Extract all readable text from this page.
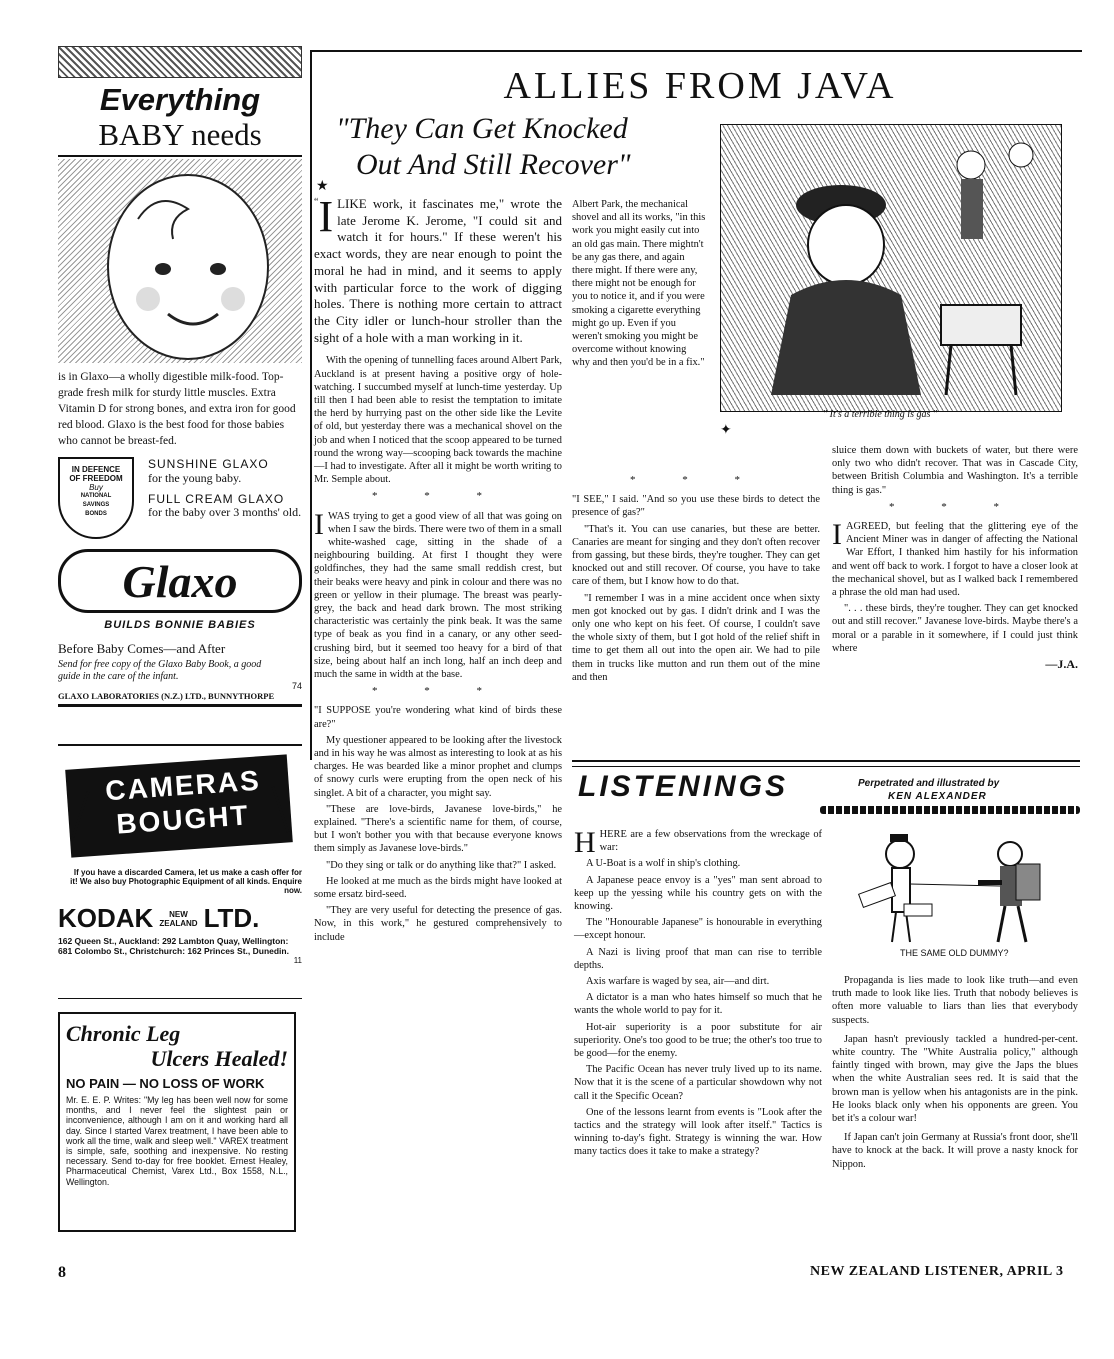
Everything
BABY needs
is in Glaxo—a wholly digestible milk-food. Top-grade fresh milk for sturdy little muscles. Extra Vitamin D for strong bones, and extra iron for good red blood. Glaxo is the best food for those babies who cannot be breast-fed.
IN DEFENCE
OF FREEDOM
Buy
NATIONAL
SAVINGS
BONDS
SUNSHINE GLAXO
for the young baby.
FULL CREAM GLAXO
for the baby over 3 months' old.
Glaxo
BUILDS BONNIE BABIES
Before Baby Comes—and After
Send for free copy of the Glaxo Baby Book, a good guide in the care of the infant.
74
GLAXO LABORATORIES (N.Z.) LTD., BUNNYTHORPE
CAMERAS
BOUGHT
If you have a discarded Camera, let us make a cash offer for it! We also buy Photographic Equipment of all kinds. Enquire now.
KODAK	NEW
ZEALAND LTD.
162 Queen St., Auckland: 292 Lambton Quay, Wellington: 681 Colombo St., Christchurch: 162 Princes St., Dunedin.
11
Chronic Leg
Ulcers Healed!
NO PAIN — NO LOSS OF WORK
Mr. E. E. P. Writes: "My leg has been well now for some months, and I never feel the slightest pain or inconvenience, although I am on it and working hard all day. Since I started Varex treatment, I have been able to work all the time, walk and sleep well." VAREX treatment is simple, safe, soothing and inexpensive. No resting necessary. Send to-day for free booklet. Ernest Healey, Pharmaceutical Chemist, Varex Ltd., Box 1558, N.L., Wellington.
ALLIES FROM JAVA
"They Can Get Knocked
Out And Still Recover"
★
" It's a terrible thing is gas "
✦

“ I LIKE work, it fascinates me," wrote the late Jerome K. Jerome, "I could sit and watch it for hours." If these weren't his exact words, they are near enough to point the moral he had in mind, and it seems to apply with particular force to the work of digging holes. There is nothing more certain to attract the City idler or lunch-hour stroller than the sight of a hole with a man working in it.

With the opening of tunnelling faces around Albert Park, Auckland is at present having a positive orgy of hole-watching. I succumbed myself at lunch-time yesterday. Up till then I had been able to resist the temptation to imitate the herd by hurrying past on the other side like the Levite of old, but yesterday there was a mechanical shovel on the job and when I noticed that the scoop appeared to be turned round the wrong way—scooping back towards the machine—I had to investigate. After all it might be worth writing to Mr. Semple about.

* * *

IWAS trying to get a good view of all that was going on when I saw the birds. There were two of them in a small white-washed cage, sitting in the shade of a neighbouring building. At first I thought they were goldfinches, they had the same small reddish crest, but their beaks were heavy and pink in colour and there was no green or yellow in their plumage. The breast was pearly-grey, the back and head dark brown. The most striking characteristic was certainly the pink beak. It was the same type of beak as you find in a canary, or any other seed-crushing bird, but it seemed too heavy for a bird of that size, being about half an inch long, half an inch deep and much the same in width at the base.

* * *

"I SUPPOSE you're wondering what kind of birds these are?"

My questioner appeared to be looking after the livestock and in his way he was almost as interesting to look at as his charges. He was bearded like a minor prophet and clumps of snowy curls were erupting from the open neck of his singlet. A bit of a character, you might say.

"These are love-birds, Javanese love-birds," he explained. "There's a scientific name for them, of course, but I won't bother you with that because everyone knows them simply as Javanese love-birds."

"Do they sing or talk or do anything like that?" I asked.

He looked at me much as the birds might have looked at some ersatz bird-seed.

"They are very useful for detecting the presence of gas. Now, in this work," he gestured comprehensively to include

Albert Park, the mechanical shovel and all its works, "in this work you might easily cut into an old gas main. There mightn't be any gas there, and again there might. If there were any, there might not be enough for you to notice it, and if you were smoking a cigarette everything might go up. Even if you weren't smoking you might be overcome without knowing why and then you'd be in a fix."

* * *

"I SEE," I said. "And so you use these birds to detect the presence of gas?"

"That's it. You can use canaries, but these are better. Canaries are meant for singing and they don't often recover from gassing, but these birds, they're tougher. They can get knocked out and still recover. Of course, you have to take care of them, but I know how to do that.

"I remember I was in a mine accident once when sixty men got knocked out by gas. I didn't drink and I was the only one who kept on his feet. Of course, I couldn't save the whole sixty of them, but I got hold of the relief shift in time to get them all out into the open air. We had to pile them in trucks like mutton and run them out of the mine and then

sluice them down with buckets of water, but there were only two who didn't recover. That was in Cascade City, between British Columbia and Washington. It's a terrible thing is gas."

* * *

IAGREED, but feeling that the glittering eye of the Ancient Miner was in danger of affecting the National War Effort, I thanked him hastily for his information and went off back to work. I forgot to have a closer look at the mechanical shovel, but as I walked back I remembered a phrase the old man had used.

". . . these birds, they're tougher. They can get knocked out and still recover." Javanese love-birds. Maybe there's a moral or a parable in it somewhere, if I could just think where

—J.A.
LISTENINGS	Perpetrated and illustrated by
KEN ALEXANDER
THE SAME OLD DUMMY?

HHERE are a few observations from the wreckage of war:

A U-Boat is a wolf in ship's clothing.

A Japanese peace envoy is a "yes" man sent abroad to keep up the yessing while his country gets on with the knowing.

The "Honourable Japanese" is honourable in everything—except honour.

A Nazi is living proof that man can rise to terrible depths.

Axis warfare is waged by sea, air—and dirt.

A dictator is a man who hates himself so much that he wants the whole world to pay for it.

Hot-air superiority is a poor substitute for air superiority. One's too good to be true; the other's too true to be good—for the enemy.

The Pacific Ocean has never truly lived up to its name. Now that it is the scene of a particular showdown why not call it the Specific Ocean?

One of the lessons learnt from events is "Look after the tactics and the strategy will look after itself." Tactics is winning to-day's fight. Strategy is winning the war. How many tactics does it take to make a strategy?

Propaganda is lies made to look like truth—and even truth made to look like lies. Truth that nobody believes is often more valuable to liars than lies that everybody suspects.

Japan hasn't previously tackled a hundred-per-cent. white country. The "White Australia policy," although faintly tinged with brown, may give the Japs the blues when the white Australian sees red. It is said that the brown man is yellow when his antagonists are in the pink. He looks black only when his opponents are green. You bet it's a colour war!

If Japan can't join Germany at Russia's front door, she'll have to knock at the back. It will prove a nasty knock for Nippon.

8	NEW ZEALAND LISTENER, APRIL 3
